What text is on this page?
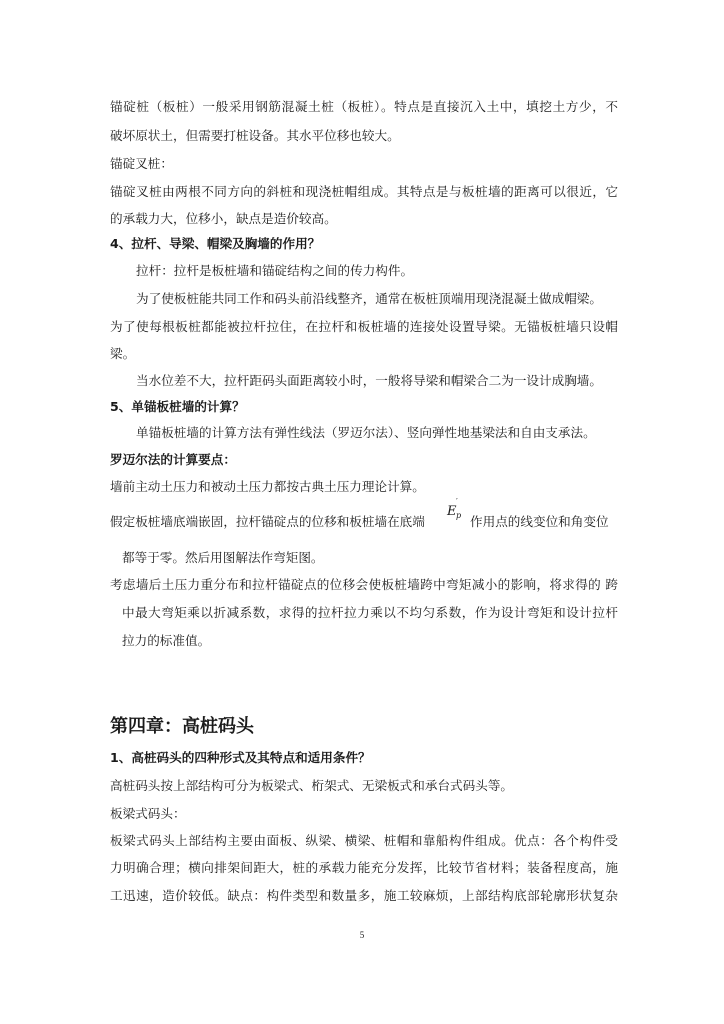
锚碇桩（板桩）一般采用钢筋混凝土桩（板桩）。特点是直接沉入土中，填挖土方少，不
破坏原状土，但需要打桩设备。其水平位移也较大。
锚碇叉桩：
锚碇叉桩由两根不同方向的斜桩和现浇桩帽组成。其特点是与板桩墙的距离可以很近，它
的承载力大，位移小，缺点是造价较高。
4、拉杆、导梁、帽梁及胸墙的作用？
拉杆：拉杆是板桩墙和锚碇结构之间的传力构件。
为了使板桩能共同工作和码头前沿线整齐，通常在板桩顶端用现浇混凝土做成帽梁。
为了使每根板桩都能被拉杆拉住，在拉杆和板桩墙的连接处设置导梁。无锚板桩墙只设帽
梁。
当水位差不大，拉杆距码头面距离较小时，一般将导梁和帽梁合二为一设计成胸墙。
5、单锚板桩墙的计算？
单锚板桩墙的计算方法有弹性线法（罗迈尔法）、竖向弹性地基梁法和自由支承法。
罗迈尔法的计算要点：
墙前主动土压力和被动土压力都按古典土压力理论计算。
假定板桩墙底端嵌固，拉杆锚碇点的位移和板桩墙在底端
E
′
p 作用点的线变位和角变位
都等于零。然后用图解法作弯矩图。
考虑墙后土压力重分布和拉杆锚碇点的位移会使板桩墙跨中弯矩减小的影响，将求得的 跨
中最大弯矩乘以折减系数，求得的拉杆拉力乘以不均匀系数，作为设计弯矩和设计拉杆
拉力的标准值。
第四章：高桩码头
1、高桩码头的四种形式及其特点和适用条件？
高桩码头按上部结构可分为板梁式、桁架式、无梁板式和承台式码头等。
板梁式码头：
板梁式码头上部结构主要由面板、纵梁、横梁、桩帽和靠船构件组成。优点：各个构件受
力明确合理；横向排架间距大，桩的承载力能充分发挥，比较节省材料；装备程度高，施
工迅速，造价较低。缺点：构件类型和数量多，施工较麻烦，上部结构底部轮廓形状复杂
5
